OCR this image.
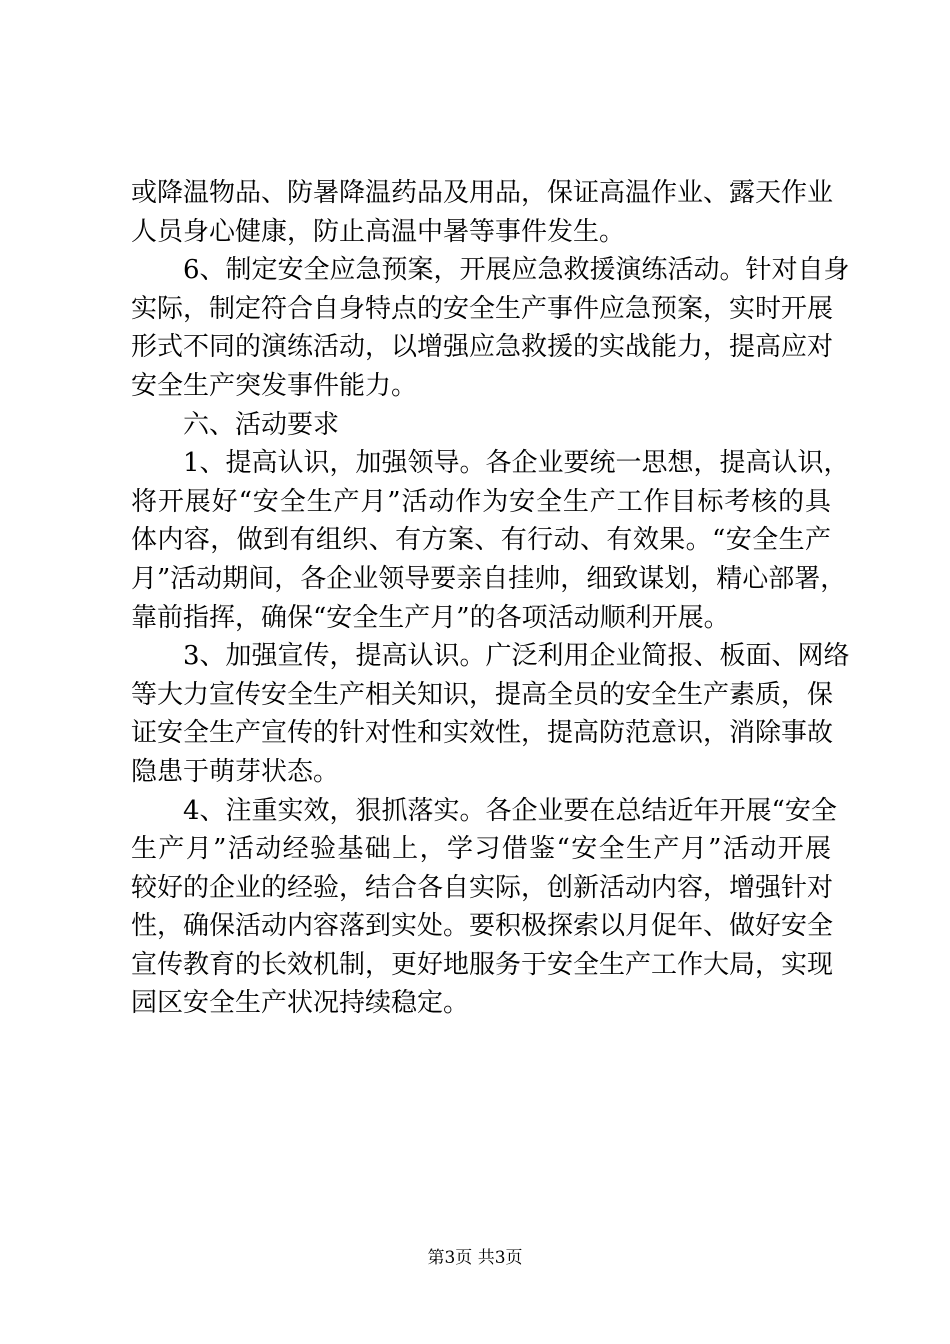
或降温物品、防暑降温药品及用品，保证高温作业、露天作业
人员身心健康，防止高温中暑等事件发生。
6、制定安全应急预案，开展应急救援演练活动。针对自身
实际，制定符合自身特点的安全生产事件应急预案，实时开展
形式不同的演练活动，以增强应急救援的实战能力，提高应对
安全生产突发事件能力。
六、活动要求
1、提高认识，加强领导。各企业要统一思想，提高认识，
将开展好“安全生产月”活动作为安全生产工作目标考核的具
体内容，做到有组织、有方案、有行动、有效果。“安全生产
月”活动期间，各企业领导要亲自挂帅，细致谋划，精心部署，
靠前指挥，确保“安全生产月”的各项活动顺利开展。
3、加强宣传，提高认识。广泛利用企业简报、板面、网络
等大力宣传安全生产相关知识，提高全员的安全生产素质，保
证安全生产宣传的针对性和实效性，提高防范意识，消除事故
隐患于萌芽状态。
4、注重实效，狠抓落实。各企业要在总结近年开展“安全
生产月”活动经验基础上，学习借鉴“安全生产月”活动开展
较好的企业的经验，结合各自实际，创新活动内容，增强针对
性，确保活动内容落到实处。要积极探索以月促年、做好安全
宣传教育的长效机制，更好地服务于安全生产工作大局，实现
园区安全生产状况持续稳定。
第3页 共3页
